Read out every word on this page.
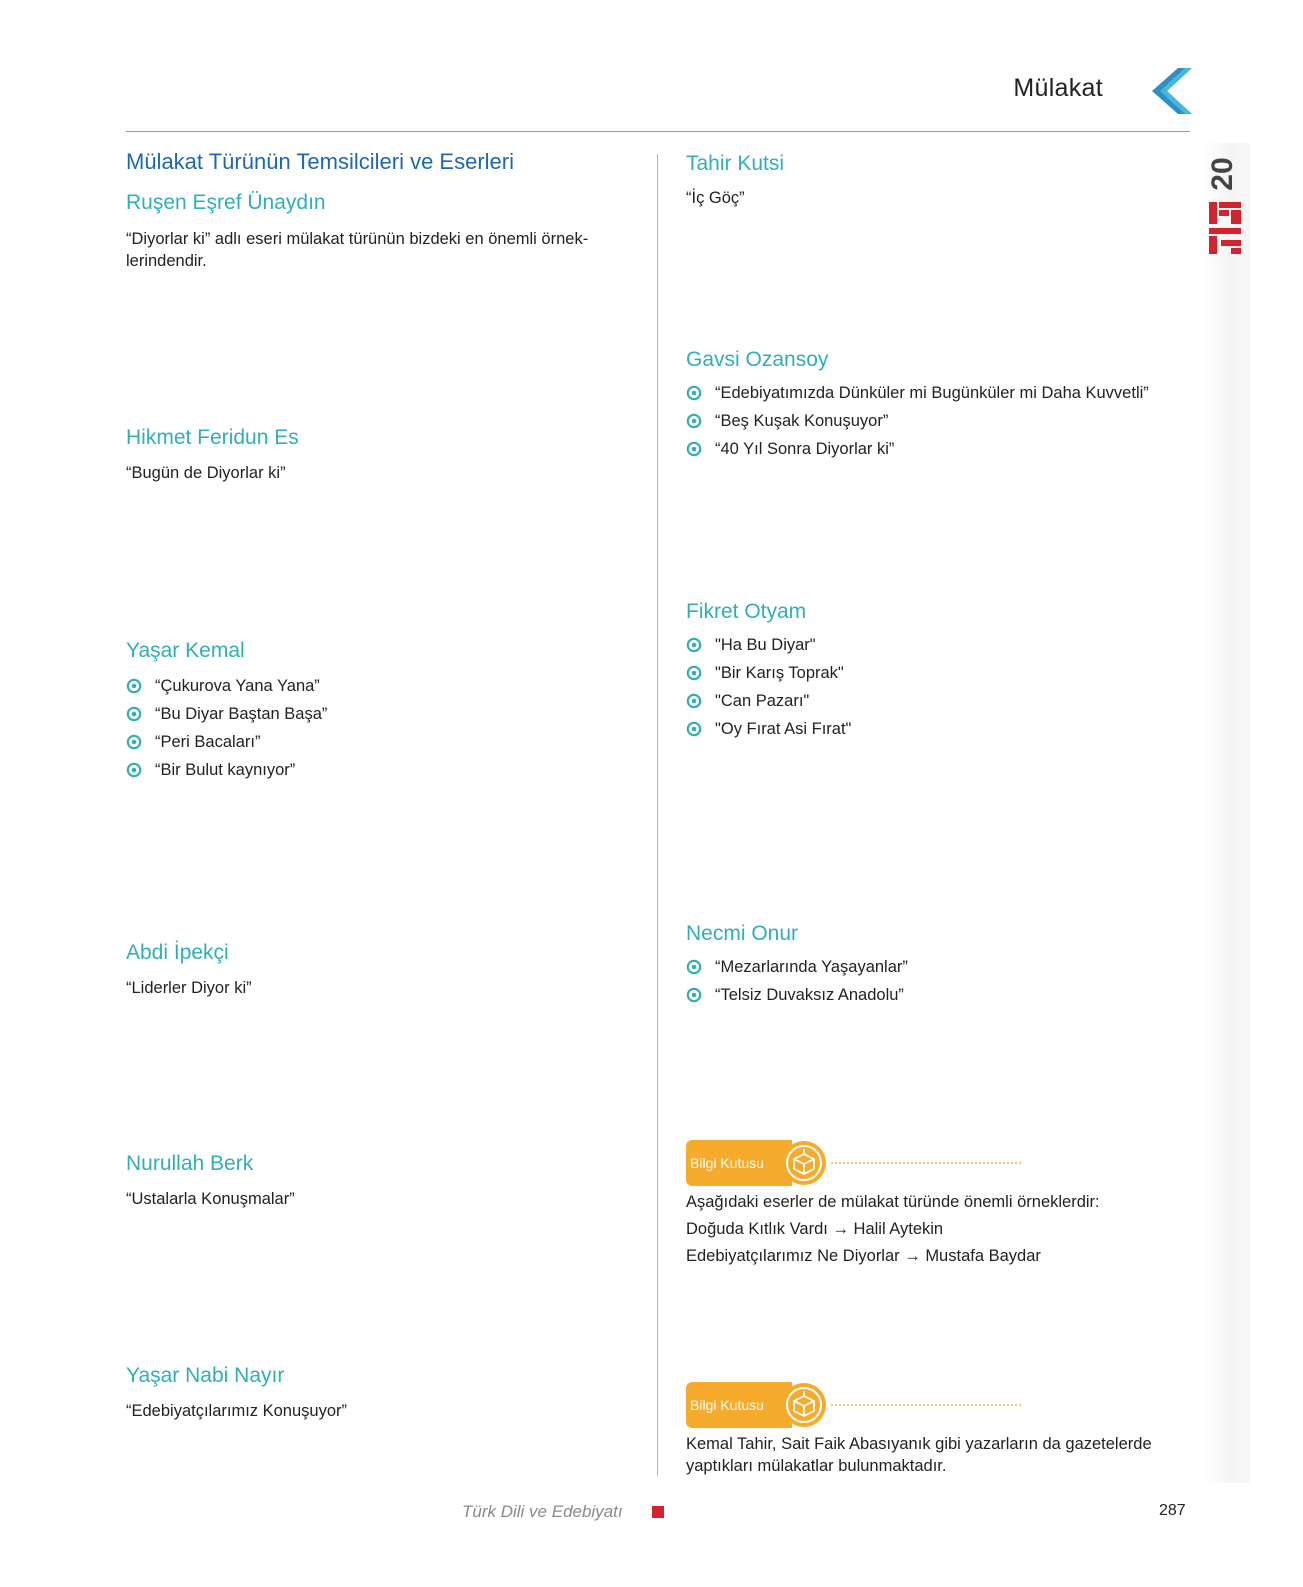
Mülakat
20
Mülakat Türünün Temsilcileri ve Eserleri
Ruşen Eşref Ünaydın
“Diyorlar ki” adlı eseri mülakat türünün bizdeki en önemli örnek-
lerindendir.
Hikmet Feridun Es
“Bugün de Diyorlar ki”
Yaşar Kemal
“Çukurova Yana Yana”
“Bu Diyar Baştan Başa”
“Peri Bacaları”
“Bir Bulut kaynıyor”
Abdi İpekçi
“Liderler Diyor ki”
Nurullah Berk
“Ustalarla Konuşmalar”
Yaşar Nabi Nayır
“Edebiyatçılarımız Konuşuyor”
Tahir Kutsi
“İç Göç”
Gavsi Ozansoy
“Edebiyatımızda Dünküler mi Bugünküler mi Daha Kuvvetli”
“Beş Kuşak Konuşuyor”
“40 Yıl Sonra Diyorlar ki”
Fikret Otyam
"Ha Bu Diyar"
"Bir Karış Toprak"
"Can Pazarı"
"Oy Fırat Asi Fırat"
Necmi Onur
“Mezarlarında Yaşayanlar”
“Telsiz Duvaksız Anadolu”
Bilgi Kutusu
Aşağıdaki eserler de mülakat türünde önemli örneklerdir:
Doğuda Kıtlık Vardı → Halil Aytekin
Edebiyatçılarımız Ne Diyorlar → Mustafa Baydar
Bilgi Kutusu
Kemal Tahir, Sait Faik Abasıyanık gibi yazarların da gazetelerde
yaptıkları mülakatlar bulunmaktadır.
Türk Dili ve Edebiyatı	287
